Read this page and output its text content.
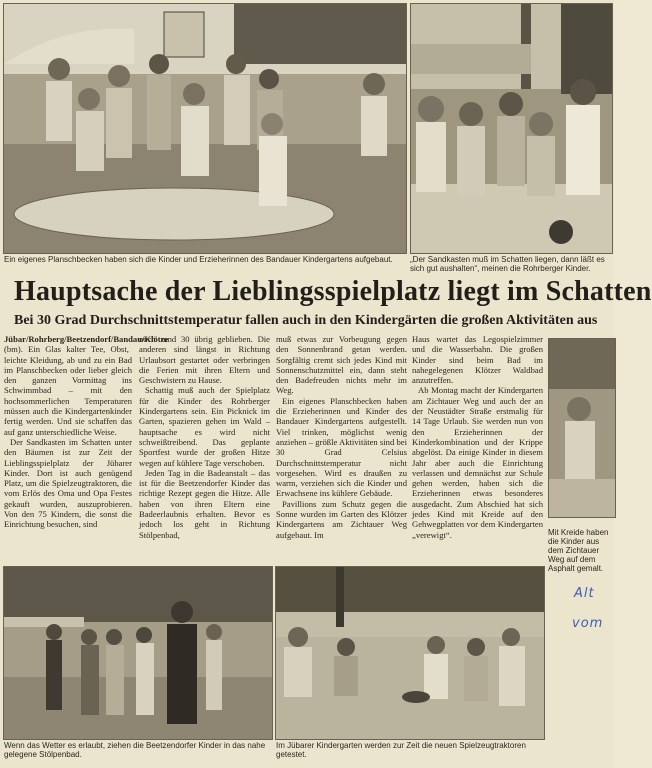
Ein eigenes Planschbecken haben sich die Kinder und Erzieherinnen des Bandauer Kindergartens aufgebaut.	„Der Sandkasten muß im Schatten liegen, dann läßt es sich gut aushalten“, meinen die Rohrberger Kinder.

Hauptsache der Lieblingsspielplatz liegt im Schatten
Bei 30 Grad Durchschnittstemperatur fallen auch in den Kindergärten die großen Aktivitäten aus

Jübar/Rohrberg/Beetzendorf/Bandau/Klötze (bm). Ein Glas kalter Tee, Obst, leichte Kleidung, ab und zu ein Bad im Planschbecken oder lieber gleich den ganzen Vormittag ins Schwimmbad – mit den hochsommerlichen Temperaturen müssen auch die Kindergartenkinder fertig werden. Und sie schaffen das auf ganz unterschiedliche Weise.

Der Sandkasten im Schatten unter den Bäumen ist zur Zeit der Lieblingsspielplatz der Jübarer Kinder. Dort ist auch genügend Platz, um die Spielzeugtraktoren, die vom Erlös des Oma und Opa Festes gekauft wurden, auszuprobieren. Von den 75 Kindern, die sonst die Einrichtung besuchen, sind

noch rund 30 übrig geblieben. Die anderen sind längst in Richtung Urlaubsort gestartet oder verbringen die Ferien mit ihren Eltern und Geschwistern zu Hause.

Schattig muß auch der Spielplatz für die Kinder des Rohrberger Kindergartens sein. Ein Picknick im Garten, spazieren gehen im Wald – hauptsache es wird nicht schweißtreibend. Das geplante Sportfest wurde der großen Hitze wegen auf kühlere Tage verschoben.

Jeden Tag in die Badeanstalt – das ist für die Beetzendorfer Kinder das richtige Rezept gegen die Hitze. Alle haben von ihren Eltern eine Badeerlaubnis erhalten. Bevor es jedoch los geht in Richtung Stölpenbad,

muß etwas zur Vorbeugung gegen den Sonnenbrand getan werden. Sorgfältig cremt sich jedes Kind mit Sonnenschutzmittel ein, dann steht den Badefreuden nichts mehr im Weg.

Ein eigenes Planschbecken haben die Erzieherinnen und Kinder des Bandauer Kindergartens aufgestellt. Viel trinken, möglichst wenig anziehen – größle Aktivitäten sind bei 30 Grad Celsius Durchschnittstemperatur nicht vorgesehen. Wird es draußen zu warm, verziehen sich die Kinder und Erwachsene ins kühlere Gebäude.

Pavillions zum Schutz gegen die Sonne wurden im Garten des Klötzer Kindergartens am Zichtauer Weg aufgebaut. Im

Haus wartet das Legospielzimmer und die Wasserbahn. Die großen Kinder sind beim Bad im nahegelegenen Klötzer Waldbad anzutreffen.

Ab Montag macht der Kindergarten am Zichtauer Weg und auch der an der Neustädter Straße erstmalig für 14 Tage Urlaub. Sie werden nun von den Erzieherinnen der Kinderkombination und der Krippe abgelöst. Da einige Kinder in diesem Jahr aber auch die Einrichtung verlassen und demnächst zur Schule gehen werden, haben sich die Erzieherinnen etwas besonderes ausgedacht. Zum Abschied hat sich jedes Kind mit Kreide auf den Gehwegplatten vor dem Kindergarten „verewigt“.	Mit Kreide haben die Kinder aus dem Zichtauer Weg auf dem Asphalt gemalt.

Wenn das Wetter es erlaubt, ziehen die Beetzendorfer Kinder in das nahe gelegene Stölpenbad.

Im Jübarer Kindergarten werden zur Zeit die neuen Spielzeugtraktoren getestet.

Alt
vom
